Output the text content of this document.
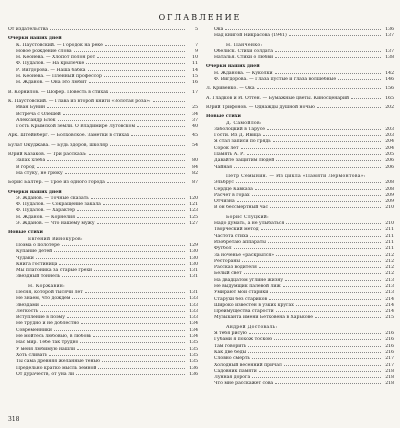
ОГЛАВЛЕНИЕ
От издательства	5
Очерки наших дней
К. Паустовский. — Городок на реке	7
Новое рождение слова	9
Н. Кеонева. — Хлопот полон рот	10
Ф. Пудалов. — На крылечке	11
Р. Вигдорова. — Наша бабка	14
Н. Кеонева. — Пленный профессор	15
Н. Жданов. — Она это любит	16
В. Корнилов. — Шофер. Повесть в стихах	17
К. Паустовский. — Глава из второй книги «Золотая роза»:
Иван Бунин	25
Встреча с Олешей	34
Александр Блок	37
Гость Крымской земли. О Владимире Луговском	40
Арк. Штейнберг. — Болховское. Заметки в стихах	45
Булат Окуджава. — Будь здоров, школяр	54
Юрий Казаков. — Три рассказа:
Запах хлеба	80
В город	84
На стуку, не грюку	82
Борис Балтер. — Трое из одного города	87
Очерки наших дней
Э. Жданов. — Точные сказать	120
Ф. Пудалов. — Сокращение закала	121
Ф. Пудалов. — Характер	123
Н. Жданов. — Корнелия	125
Э. Жданов. — Что нашему мужу	127
Новые стихи
Евгений Винокуров:
Поэма о полотере	129
Купание детей	130
Чудаки	130
Книга гостиница	130
Мы платоника за старые грехи	131
Звездный тоннель	131
Н. Коржавин:
Песня, которой тысячи лет	131
Не знаем, что дождем	133
Звездами	133
Легкость	133
Вступление в поэму	133
Не трудно и не доблестно	134
Современники	134
Не мойтесь любовью, в любовь	134
Нас мир. Тебе так трудно	135
У меня любимую нашли	135
Хоть сливать	135
Ты сама древняя желанные тенью	135
Предельно кратко мысль земной	136
От дурачеств, от уна ли	136
Ока	136
Над книгой Никрасова (1941)	137
Н. Панченко:
Обелиск. Стихи солдата	137
Наталья. Стихи о любви	138
Очерки наших дней
Н. Жданова. — Куколки	142
Ф. Вигдорова. — Глаза пустые и глаза волшебные	146
Л. Кривенко. — Ока	156
А. Гладков и И. Оттен. — Бумажные цветы. Киносценарий	165
Юрий Трифонов. — Однажды душной ночью	202
Новые стихи
Д. Самойлов:
Заболоцкий в Тарусе	203
Гости. Из Д. Ивица	203
Я стал записи по грядь	204
Сорок лет	204
Память А. Р.	205
Давайте защитим людей	206
Чайная	206
Петр Семынин. — Из цикла «Памяти Лермонтова»:
Эльбрус	208
Сердце Кавказа	208
Расчет в горах	209
Отчизна	209
В он бессмертный час	210
Борис Слуцкий:
Надо думать, а не улыбаться	210
Творческий метод	211
Частота стиха	211
Изобретаю аппараты	211
Футбол	211
За ноченье «раскрылся»	212
Рестораны	212
Рассказ водителя	212
Белый свет	212
На двадцатом углине жизну	213
Не выдумщик палевой лиж	213
Умирают мои старики	213
Старухи без стариков	214
Широко известен в узких кругах	214
Преимущества старости	214
Музыканта имени Бетховена в Харькове	215
Андрей Достоваль:
Я тебя рисую	216
Губами я похож тоскою	216
Там говорить	216
Как две беды	216
Словно смерть	217
Холодный весенний причал	217
Садовник памяти	218
Лунная дорога	218
Что мне расскажет сова	218
318
